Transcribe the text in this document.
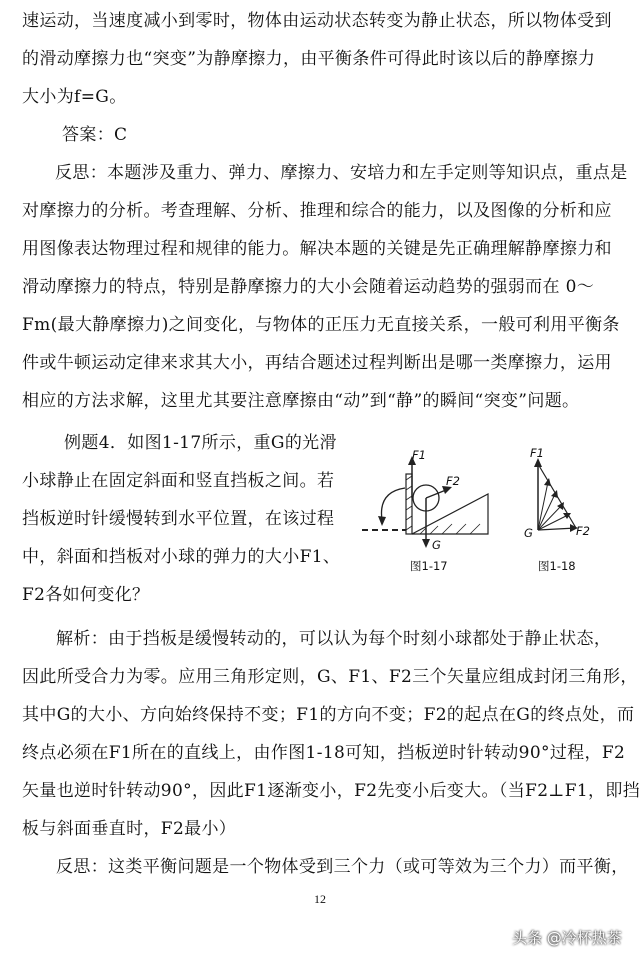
速运动，当速度减小到零时，物体由运动状态转变为静止状态，所以物体受到
的滑动摩擦力也“突变”为静摩擦力，由平衡条件可得此时该以后的静摩擦力
大小为f=G。
答案：C
反思：本题涉及重力、弹力、摩擦力、安培力和左手定则等知识点，重点是
对摩擦力的分析。考查理解、分析、推理和综合的能力，以及图像的分析和应
用图像表达物理过程和规律的能力。解决本题的关键是先正确理解静摩擦力和
滑动摩擦力的特点，特别是静摩擦力的大小会随着运动趋势的强弱而在 0～
Fm(最大静摩擦力)之间变化，与物体的正压力无直接关系，一般可利用平衡条
件或牛顿运动定律来求其大小，再结合题述过程判断出是哪一类摩擦力，运用
相应的方法求解，这里尤其要注意摩擦由“动”到“静”的瞬间“突变”问题。
例题4．如图1-17所示，重G的光滑
小球静止在固定斜面和竖直挡板之间。若
挡板逆时针缓慢转到水平位置，在该过程
中，斜面和挡板对小球的弹力的大小F1、
F2各如何变化？
F1
F2
G
图1-17
F1
F2
G
图1-18
解析：由于挡板是缓慢转动的，可以认为每个时刻小球都处于静止状态，
因此所受合力为零。应用三角形定则，G、F1、F2三个矢量应组成封闭三角形，
其中G的大小、方向始终保持不变；F1的方向不变；F2的起点在G的终点处，而
终点必须在F1所在的直线上，由作图1-18可知，挡板逆时针转动90°过程，F2
矢量也逆时针转动90°，因此F1逐渐变小，F2先变小后变大。（当F2⊥F1，即挡
板与斜面垂直时，F2最小）
反思：这类平衡问题是一个物体受到三个力（或可等效为三个力）而平衡，
12
头条 @冷杯热茶
